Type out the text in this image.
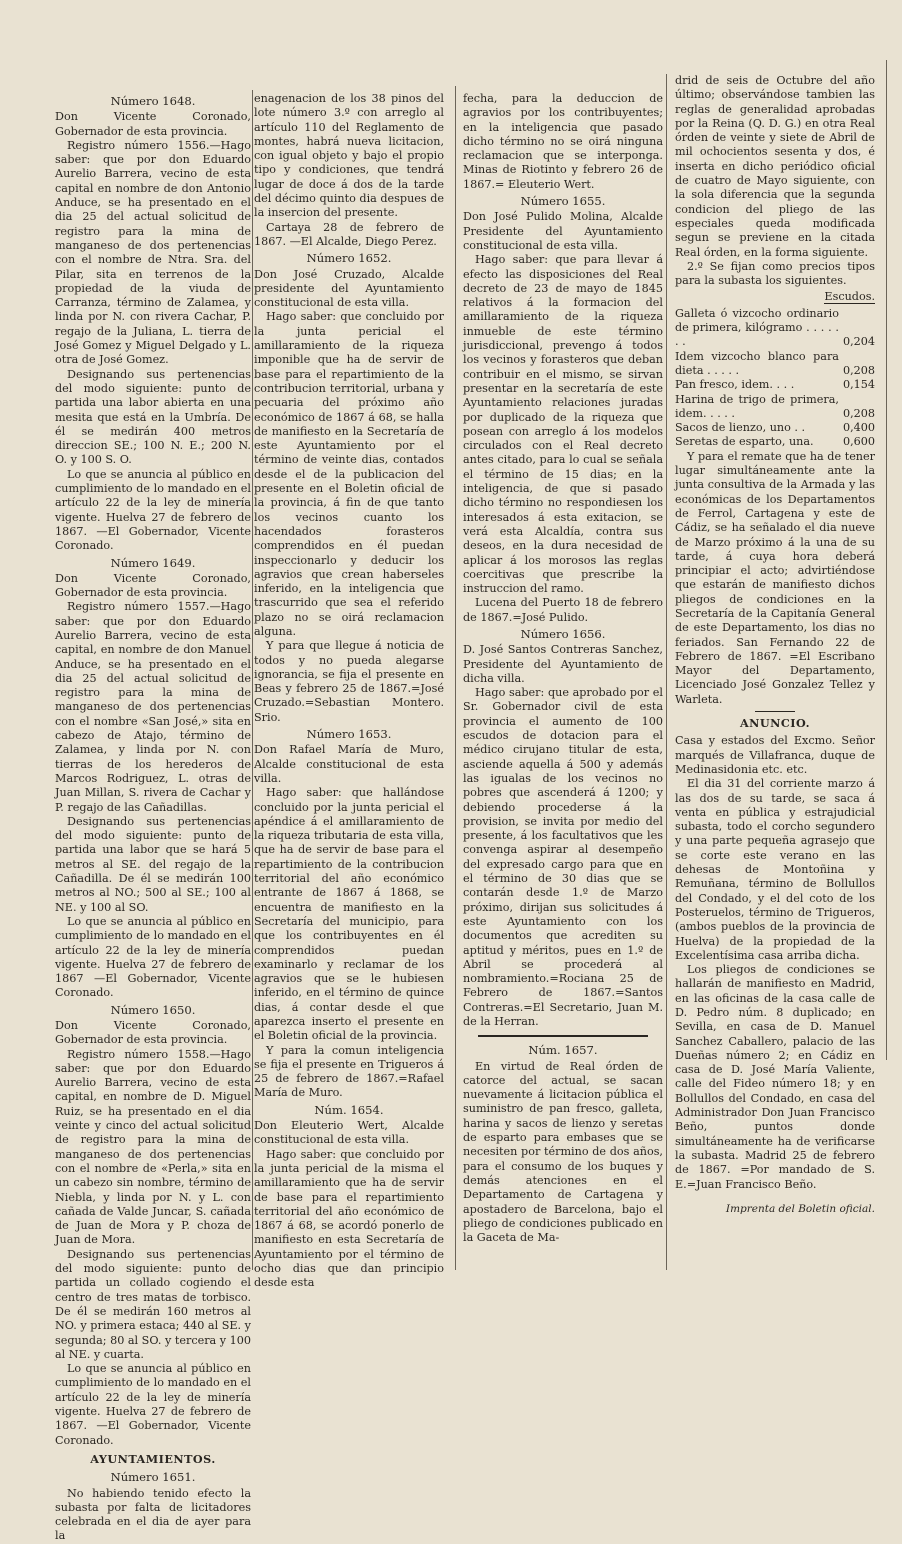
Número 1648.
Don Vicente Coronado, Gobernador de esta provincia.
Registro número 1556.—Hago saber: que por don Eduardo Aurelio Barrera, vecino de esta capital en nombre de don Antonio Anduce, se ha presentado en el dia 25 del actual solicitud de registro para la mina de manganeso de dos pertenencias con el nombre de Ntra. Sra. del Pilar, sita en terrenos de la propiedad de la viuda de Carranza, término de Zalamea, y linda por N. con rivera Cachar, P. regajo de la Juliana, L. tierra de José Gomez y Miguel Delgado y L. otra de José Gomez.
Designando sus pertenencias del modo siguiente: punto de partida una labor abierta en una mesita que está en la Umbría. De él se medirán 400 metros direccion SE.; 100 N. E.; 200 N. O. y 100 S. O.
Lo que se anuncia al público en cumplimiento de lo mandado en el artículo 22 de la ley de minería vigente. Huelva 27 de febrero de 1867. —El Gobernador, Vicente Coronado.
Número 1649.
Don Vicente Coronado, Gobernador de esta provincia.
Registro número 1557.—Hago saber: que por don Eduardo Aurelio Barrera, vecino de esta capital, en nombre de don Manuel Anduce, se ha presentado en el dia 25 del actual solicitud de registro para la mina de manganeso de dos pertenencias con el nombre «San José,» sita en cabezo de Atajo, término de Zalamea, y linda por N. con tierras de los herederos de Marcos Rodriguez, L. otras de Juan Millan, S. rivera de Cachar y P. regajo de las Cañadillas.
Designando sus pertenencias del modo siguiente: punto de partida una labor que se hará 5 metros al SE. del regajo de la Cañadilla. De él se medirán 100 metros al NO.; 500 al SE.; 100 al NE. y 100 al SO.
Lo que se anuncia al público en cumplimiento de lo mandado en el artículo 22 de la ley de minería vigente. Huelva 27 de febrero de 1867 —El Gobernador, Vicente Coronado.
Número 1650.
Don Vicente Coronado, Gobernador de esta provincia.
Registro número 1558.—Hago saber: que por don Eduardo Aurelio Barrera, vecino de esta capital, en nombre de D. Miguel Ruiz, se ha presentado en el dia veinte y cinco del actual solicitud de registro para la mina de manganeso de dos pertenencias con el nombre de «Perla,» sita en un cabezo sin nombre, término de Niebla, y linda por N. y L. con cañada de Valde Juncar, S. cañada de Juan de Mora y P. choza de Juan de Mora.
Designando sus pertenencias del modo siguiente: punto de partida un collado cogiendo el centro de tres matas de torbisco. De él se medirán 160 metros al NO. y primera estaca; 440 al SE. y segunda; 80 al SO. y tercera y 100 al NE. y cuarta.
Lo que se anuncia al público en cumplimiento de lo mandado en el artículo 22 de la ley de minería vigente. Huelva 27 de febrero de 1867. —El Gobernador, Vicente Coronado.
AYUNTAMIENTOS.
Número 1651.
No habiendo tenido efecto la subasta por falta de licitadores celebrada en el dia de ayer para la
enagenacion de los 38 pinos del lote número 3.º con arreglo al artículo 110 del Reglamento de montes, habrá nueva licitacion, con igual objeto y bajo el propio tipo y condiciones, que tendrá lugar de doce á dos de la tarde del décimo quinto dia despues de la insercion del presente.
Cartaya 28 de febrero de 1867. —El Alcalde, Diego Perez.
Número 1652.
Don José Cruzado, Alcalde presidente del Ayuntamiento constitucional de esta villa.
Hago saber: que concluido por la junta pericial el amillaramiento de la riqueza imponible que ha de servir de base para el repartimiento de la contribucion territorial, urbana y pecuaria del próximo año económico de 1867 á 68, se halla de manifiesto en la Secretaría de este Ayuntamiento por el término de veinte dias, contados desde el de la publicacion del presente en el Boletin oficial de la provincia, á fin de que tanto los vecinos cuanto los hacendados forasteros comprendidos en él puedan inspeccionarlo y deducir los agravios que crean haberseles inferido, en la inteligencia que trascurrido que sea el referido plazo no se oirá reclamacion alguna.
Y para que llegue á noticia de todos y no pueda alegarse ignorancia, se fija el presente en Beas y febrero 25 de 1867.=José Cruzado.=Sebastian Montero. Srio.
Número 1653.
Don Rafael María de Muro, Alcalde constitucional de esta villa.
Hago saber: que hallándose concluido por la junta pericial el apéndice á el amillaramiento de la riqueza tributaria de esta villa, que ha de servir de base para el repartimiento de la contribucion territorial del año económico entrante de 1867 á 1868, se encuentra de manifiesto en la Secretaría del municipio, para que los contribuyentes en él comprendidos puedan examinarlo y reclamar de los agravios que se le hubiesen inferido, en el término de quince dias, á contar desde el que aparezca inserto el presente en el Boletin oficial de la provincia.
Y para la comun inteligencia se fija el presente en Trigueros á 25 de febrero de 1867.=Rafael María de Muro.
Núm. 1654.
Don Eleuterio Wert, Alcalde constitucional de esta villa.
Hago saber: que concluido por la junta pericial de la misma el amillaramiento que ha de servir de base para el repartimiento territorial del año económico de 1867 á 68, se acordó ponerlo de manifiesto en esta Secretaría de Ayuntamiento por el término de ocho dias que dan principio desde esta
fecha, para la deduccion de agravios por los contribuyentes; en la inteligencia que pasado dicho término no se oirá ninguna reclamacion que se interponga. Minas de Riotinto y febrero 26 de 1867.= Eleuterio Wert.
Número 1655.
Don José Pulido Molina, Alcalde Presidente del Ayuntamiento constitucional de esta villa.
Hago saber: que para llevar á efecto las disposiciones del Real decreto de 23 de mayo de 1845 relativos á la formacion del amillaramiento de la riqueza inmueble de este término jurisdiccional, prevengo á todos los vecinos y forasteros que deban contribuir en el mismo, se sirvan presentar en la secretaría de este Ayuntamiento relaciones juradas por duplicado de la riqueza que posean con arreglo á los modelos circulados con el Real decreto antes citado, para lo cual se señala el término de 15 dias; en la inteligencia, de que si pasado dicho término no respondiesen los interesados á esta exitacion, se verá esta Alcaldía, contra sus deseos, en la dura necesidad de aplicar á los morosos las reglas coercitivas que prescribe la instruccion del ramo.
Lucena del Puerto 18 de febrero de 1867.=José Pulido.
Número 1656.
D. José Santos Contreras Sanchez, Presidente del Ayuntamiento de dicha villa.
Hago saber: que aprobado por el Sr. Gobernador civil de esta provincia el aumento de 100 escudos de dotacion para el médico cirujano titular de esta, asciende aquella á 500 y además las igualas de los vecinos no pobres que ascenderá á 1200; y debiendo procederse á la provision, se invita por medio del presente, á los facultativos que les convenga aspirar al desempeño del expresado cargo para que en el término de 30 dias que se contarán desde 1.º de Marzo próximo, dirijan sus solicitudes á este Ayuntamiento con los documentos que acrediten su aptitud y méritos, pues en 1.º de Abril se procederá al nombramiento.=Rociana 25 de Febrero de 1867.=Santos Contreras.=El Secretario, Juan M. de la Herran.
Núm. 1657.
En virtud de Real órden de catorce del actual, se sacan nuevamente á licitacion pública el suministro de pan fresco, galleta, harina y sacos de lienzo y seretas de esparto para embases que se necesiten por término de dos años, para el consumo de los buques y demás atenciones en el Departamento de Cartagena y apostadero de Barcelona, bajo el pliego de condiciones publicado en la Gaceta de Ma-
drid de seis de Octubre del año último; observándose tambien las reglas de generalidad aprobadas por la Reina (Q. D. G.) en otra Real órden de veinte y siete de Abril de mil ochocientos sesenta y dos, é inserta en dicho periódico oficial de cuatro de Mayo siguiente, con la sola diferencia que la segunda condicion del pliego de las especiales queda modificada segun se previene en la citada Real órden, en la forma siguiente.
2.º Se fijan como precios tipos para la subasta los siguientes.
Escudos.
Galleta ó vizcocho ordinario de primera, kilógramo . . . . . . .	0,204
Idem vizcocho blanco para dieta . . . . .	0,208
Pan fresco, idem. . . .	0,154
Harina de trigo de primera, idem. . . . .	0,208
Sacos de lienzo, uno . .	0,400
Seretas de esparto, una.	0,600
Y para el remate que ha de tener lugar simultáneamente ante la junta consultiva de la Armada y las económicas de los Departamentos de Ferrol, Cartagena y este de Cádiz, se ha señalado el dia nueve de Marzo próximo á la una de su tarde, á cuya hora deberá principiar el acto; advirtiéndose que estarán de manifiesto dichos pliegos de condiciones en la Secretaría de la Capitanía General de este Departamento, los dias no feriados. San Fernando 22 de Febrero de 1867. =El Escribano Mayor del Departamento, Licenciado José Gonzalez Tellez y Warleta.
ANUNCIO.
Casa y estados del Excmo. Señor marqués de Villafranca, duque de Medinasidonia etc. etc.
El dia 31 del corriente marzo á las dos de su tarde, se saca á venta en pública y estrajudicial subasta, todo el corcho segundero y una parte pequeña agrasejo que se corte este verano en las dehesas de Montoñina y Remuñana, término de Bollullos del Condado, y el del coto de los Posteruelos, término de Trigueros, (ambos pueblos de la provincia de Huelva) de la propiedad de la Excelentísima casa arriba dicha.
Los pliegos de condiciones se hallarán de manifiesto en Madrid, en las oficinas de la casa calle de D. Pedro núm. 8 duplicado; en Sevilla, en casa de D. Manuel Sanchez Caballero, palacio de las Dueñas número 2; en Cádiz en casa de D. José María Valiente, calle del Fideo número 18; y en Bollullos del Condado, en casa del Administrador Don Juan Francisco Beño, puntos donde simultáneamente ha de verificarse la subasta. Madrid 25 de febrero de 1867. =Por mandado de S. E.=Juan Francisco Beño.
Imprenta del Boletin oficial.
